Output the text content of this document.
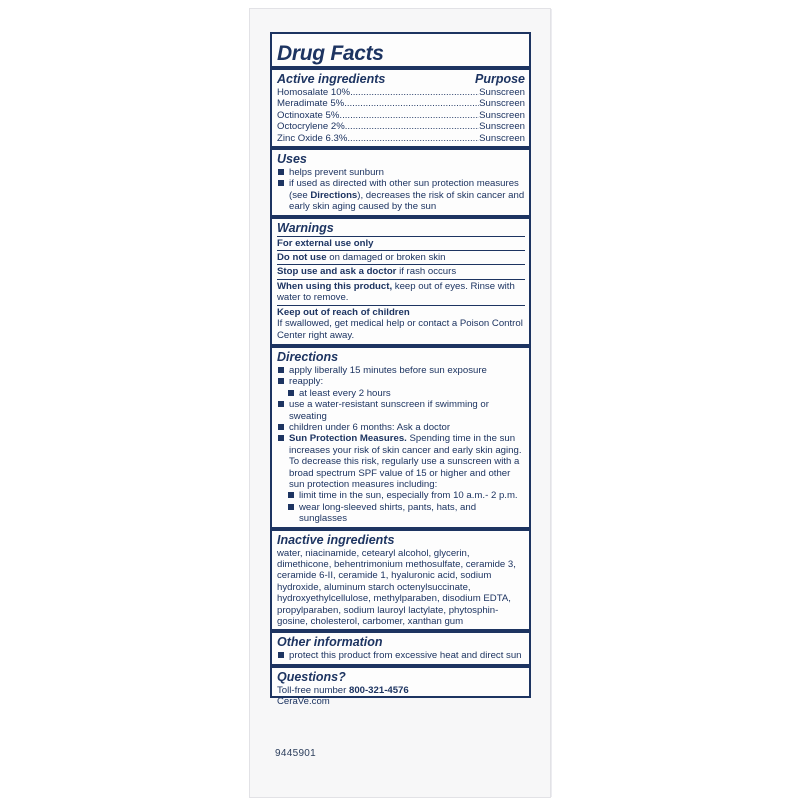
Drug Facts
Active ingredients	Purpose
Homosalate 10% .....	Sunscreen
Meradimate 5% .....	Sunscreen
Octinoxate 5% .....	Sunscreen
Octocrylene 2% .....	Sunscreen
Zinc Oxide 6.3% .....	Sunscreen
Uses
helps prevent sunburn
if used as directed with other sun protection measures (see Directions), decreases the risk of skin cancer and early skin aging caused by the sun
Warnings
For external use only
Do not use on damaged or broken skin
Stop use and ask a doctor if rash occurs
When using this product, keep out of eyes. Rinse with water to remove.
Keep out of reach of children
If swallowed, get medical help or contact a Poison Control Center right away.
Directions
apply liberally 15 minutes before sun exposure
reapply:
at least every 2 hours
use a water-resistant sunscreen if swimming or sweating
children under 6 months: Ask a doctor
Sun Protection Measures. Spending time in the sun increases your risk of skin cancer and early skin aging. To decrease this risk, regularly use a sunscreen with a broad spectrum SPF value of 15 or higher and other sun protection measures including:
limit time in the sun, especially from 10 a.m.- 2 p.m.
wear long-sleeved shirts, pants, hats, and sunglasses
Inactive ingredients
water, niacinamide, cetearyl alcohol, glycerin, dimethicone, behentrimonium methosulfate, ceramide 3, ceramide 6-II, ceramide 1, hyaluronic acid, sodium hydroxide, aluminum starch octenylsuccinate, hydroxyethylcellulose, methylparaben, disodium EDTA, propylparaben, sodium lauroyl lactylate, phytosphin-gosine, cholesterol, carbomer, xanthan gum
Other information
protect this product from excessive heat and direct sun
Questions?
Toll-free number 800-321-4576
CeraVe.com
9445901
